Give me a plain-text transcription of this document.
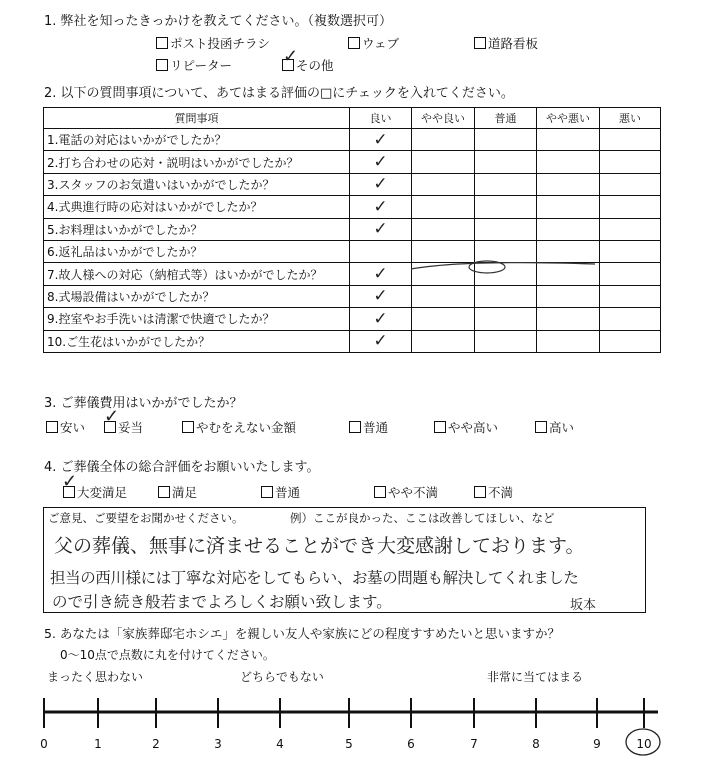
1. 弊社を知ったきっかけを教えてください。（複数選択可）
ポスト投函チラシ	ウェブ	道路看板
リピーター	その他
✓
2. 以下の質問事項について、あてはまる評価の□にチェックを入れてください。
質問事項	良い	やや良い	普通	やや悪い	悪い
1.電話の対応はいかがでしたか？	✓				
2.打ち合わせの応対・説明はいかがでしたか？	✓				
3.スタッフのお気遣いはいかがでしたか？	✓				
4.式典進行時の応対はいかがでしたか？	✓				
5.お料理はいかがでしたか？	✓				
6.返礼品はいかがでしたか？					
7.故人様への対応（納棺式等）はいかがでしたか？	✓				
8.式場設備はいかがでしたか？	✓				
9.控室やお手洗いは清潔で快適でしたか？	✓				
10.ご生花はいかがでしたか？	✓				
3. ご葬儀費用はいかがでしたか？
安い	妥当
✓
やむをえない金額	普通	やや高い	高い
4. ご葬儀全体の総合評価をお願いいたします。
大変満足
✓
満足	普通	やや不満	不満
ご意見、ご要望をお聞かせください。	例）ここが良かった、ここは改善してほしい、など
父の葬儀、無事に済ませることができ大変感謝しております。
担当の西川様には丁寧な対応をしてもらい、お墓の問題も解決してくれました
ので引き続き般若までよろしくお願い致します。	坂本
5. あなたは「家族葬邸宅ホシエ」を親しい友人や家族にどの程度すすめたいと思いますか？
0〜10点で点数に丸を付けてください。
まったく思わない	どちらでもない	非常に当てはまる
0	1	2	3	4	5	6	7	8	9	10
